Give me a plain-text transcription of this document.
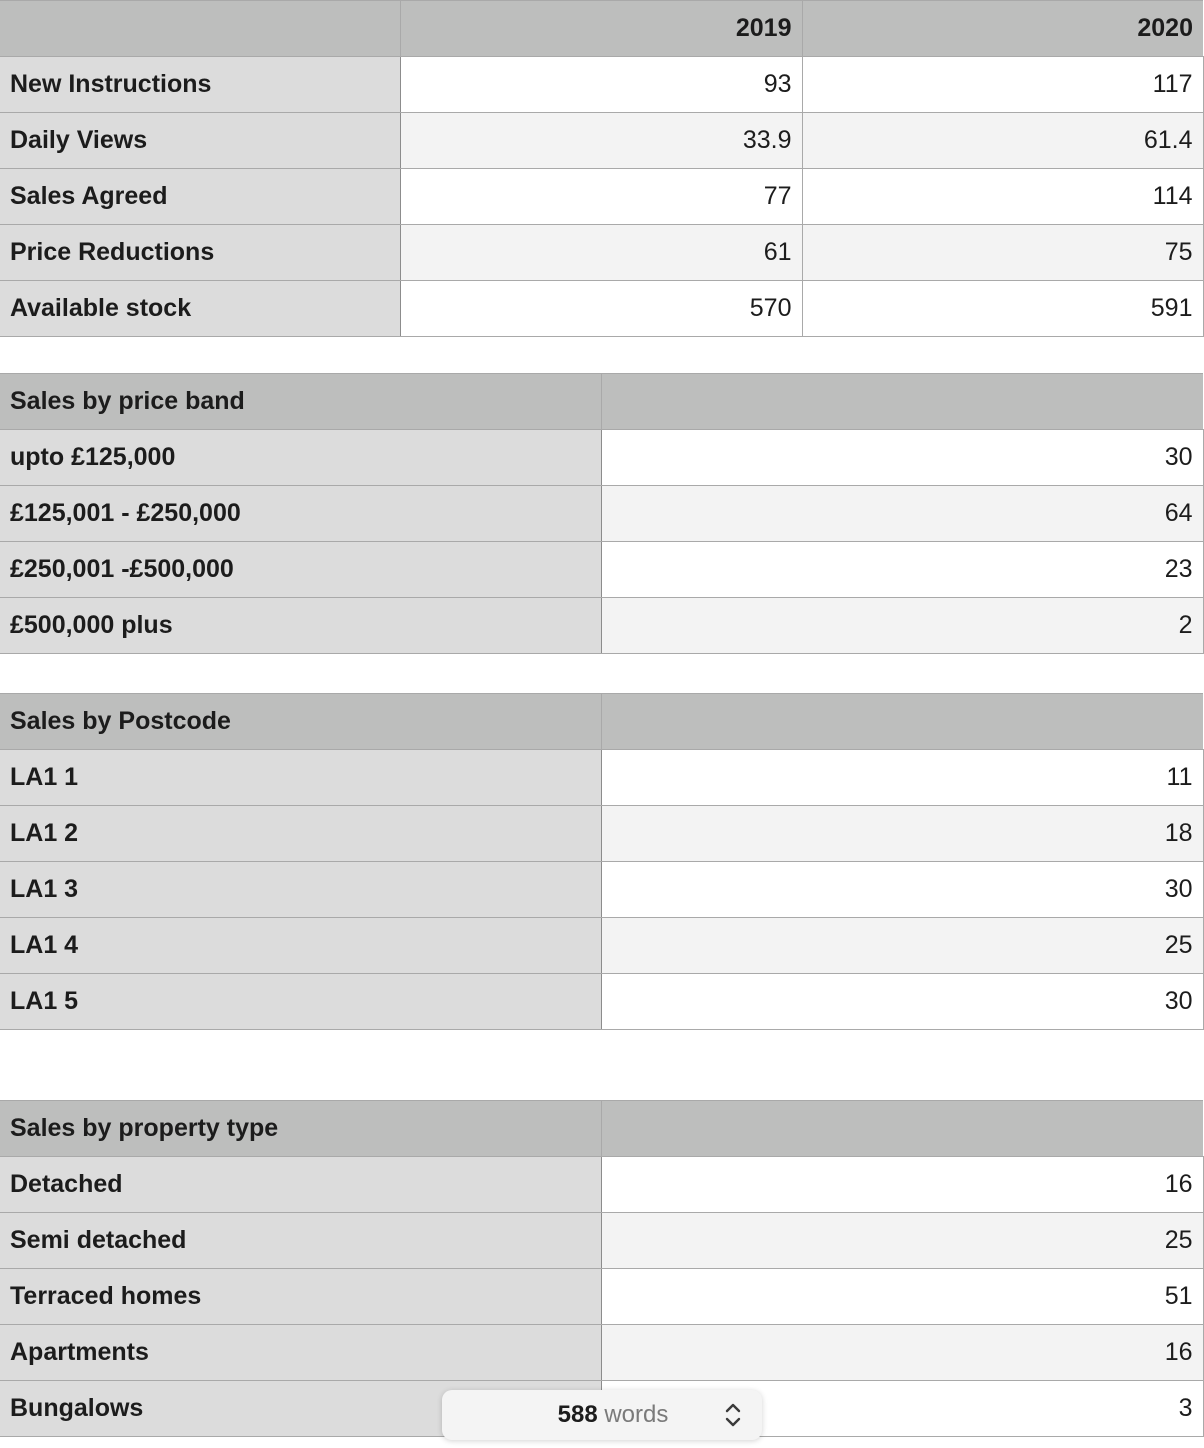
	2019	2020
New Instructions	93	117
Daily Views	33.9	61.4
Sales Agreed	77	114
Price Reductions	61	75
Available stock	570	591
Sales by price band	
upto £125,000	30
£125,001 - £250,000	64
£250,001 -£500,000	23
£500,000 plus	2
Sales by Postcode	
LA1 1	11
LA1 2	18
LA1 3	30
LA1 4	25
LA1 5	30
Sales by property type	
Detached	16
Semi detached	25
Terraced homes	51
Apartments	16
Bungalows	3
588 words
